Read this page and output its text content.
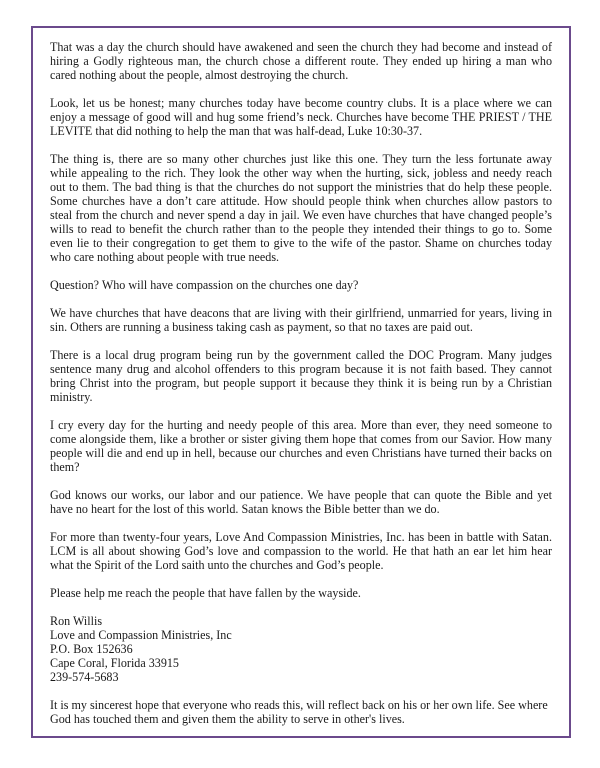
That was a day the church should have awakened and seen the church they had become and instead of hiring a Godly righteous man, the church chose a different route. They ended up hiring a man who cared nothing about the people, almost destroying the church.

Look, let us be honest; many churches today have become country clubs. It is a place where we can enjoy a message of good will and hug some friend’s neck. Churches have become THE PRIEST / THE LEVITE that did nothing to help the man that was half-dead, Luke 10:30-37.

The thing is, there are so many other churches just like this one. They turn the less fortunate away while appealing to the rich. They look the other way when the hurting, sick, jobless and needy reach out to them. The bad thing is that the churches do not support the ministries that do help these people. Some churches have a don’t care attitude. How should people think when churches allow pastors to steal from the church and never spend a day in jail. We even have churches that have changed people’s wills to read to benefit the church rather than to the people they intended their things to go to. Some even lie to their congregation to get them to give to the wife of the pastor. Shame on churches today who care nothing about people with true needs.

Question? Who will have compassion on the churches one day?

We have churches that have deacons that are living with their girlfriend, unmarried for years, living in sin. Others are running a business taking cash as payment, so that no taxes are paid out.

There is a local drug program being run by the government called the DOC Program. Many judges sentence many drug and alcohol offenders to this program because it is not faith based. They cannot bring Christ into the program, but people support it because they think it is being run by a Christian ministry.

I cry every day for the hurting and needy people of this area. More than ever, they need someone to come alongside them, like a brother or sister giving them hope that comes from our Savior. How many people will die and end up in hell, because our churches and even Christians have turned their backs on them?

God knows our works, our labor and our patience. We have people that can quote the Bible and yet have no heart for the lost of this world. Satan knows the Bible better than we do.

For more than twenty-four years, Love And Compassion Ministries, Inc. has been in battle with Satan. LCM is all about showing God’s love and compassion to the world. He that hath an ear let him hear what the Spirit of the Lord saith unto the churches and God’s people.

Please help me reach the people that have fallen by the wayside.

Ron Willis
Love and Compassion Ministries, Inc
P.O. Box 152636
Cape Coral, Florida 33915
239-574-5683

It is my sincerest hope that everyone who reads this, will reflect back on his or her own life. See where God has touched them and given them the ability to serve in other's lives.
